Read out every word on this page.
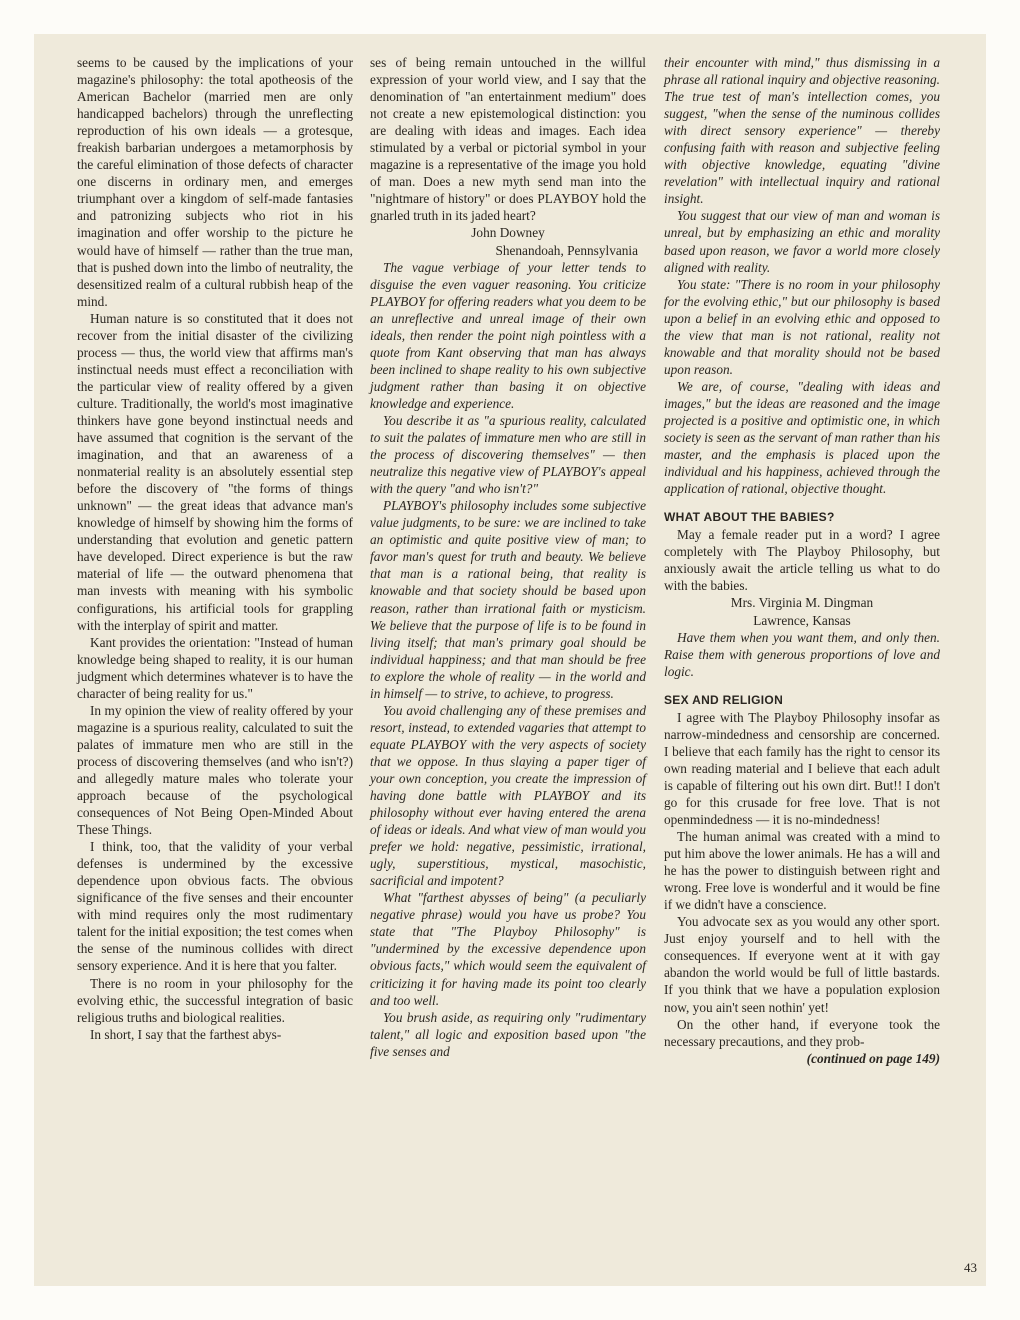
seems to be caused by the implications of your magazine's philosophy: the total apotheosis of the American Bachelor (married men are only handicapped bachelors) through the unreflecting reproduction of his own ideals — a grotesque, freakish barbarian undergoes a metamorphosis by the careful elimination of those defects of character one discerns in ordinary men, and emerges triumphant over a kingdom of self-made fantasies and patronizing subjects who riot in his imagination and offer worship to the picture he would have of himself — rather than the true man, that is pushed down into the limbo of neutrality, the desensitized realm of a cultural rubbish heap of the mind.

Human nature is so constituted that it does not recover from the initial disaster of the civilizing process — thus, the world view that affirms man's instinctual needs must effect a reconciliation with the particular view of reality offered by a given culture. Traditionally, the world's most imaginative thinkers have gone beyond instinctual needs and have assumed that cognition is the servant of the imagination, and that an awareness of a nonmaterial reality is an absolutely essential step before the discovery of "the forms of things unknown" — the great ideas that advance man's knowledge of himself by showing him the forms of understanding that evolution and genetic pattern have developed. Direct experience is but the raw material of life — the outward phenomena that man invests with meaning with his symbolic configurations, his artificial tools for grappling with the interplay of spirit and matter.

Kant provides the orientation: "Instead of human knowledge being shaped to reality, it is our human judgment which determines whatever is to have the character of being reality for us."

In my opinion the view of reality offered by your magazine is a spurious reality, calculated to suit the palates of immature men who are still in the process of discovering themselves (and who isn't?) and allegedly mature males who tolerate your approach because of the psychological consequences of Not Being Open-Minded About These Things.

I think, too, that the validity of your verbal defenses is undermined by the excessive dependence upon obvious facts. The obvious significance of the five senses and their encounter with mind requires only the most rudimentary talent for the initial exposition; the test comes when the sense of the numinous collides with direct sensory experience. And it is here that you falter.

There is no room in your philosophy for the evolving ethic, the successful integration of basic religious truths and biological realities.

In short, I say that the farthest abys-

ses of being remain untouched in the willful expression of your world view, and I say that the denomination of "an entertainment medium" does not create a new epistemological distinction: you are dealing with ideas and images. Each idea stimulated by a verbal or pictorial symbol in your magazine is a representative of the image you hold of man. Does a new myth send man into the "nightmare of history" or does PLAYBOY hold the gnarled truth in its jaded heart?

John Downey

Shenandoah, Pennsylvania

The vague verbiage of your letter tends to disguise the even vaguer reasoning. You criticize PLAYBOY for offering readers what you deem to be an unreflective and unreal image of their own ideals, then render the point nigh pointless with a quote from Kant observing that man has always been inclined to shape reality to his own subjective judgment rather than basing it on objective knowledge and experience.

You describe it as "a spurious reality, calculated to suit the palates of immature men who are still in the process of discovering themselves" — then neutralize this negative view of PLAYBOY's appeal with the query "and who isn't?"

PLAYBOY's philosophy includes some subjective value judgments, to be sure: we are inclined to take an optimistic and quite positive view of man; to favor man's quest for truth and beauty. We believe that man is a rational being, that reality is knowable and that society should be based upon reason, rather than irrational faith or mysticism. We believe that the purpose of life is to be found in living itself; that man's primary goal should be individual happiness; and that man should be free to explore the whole of reality — in the world and in himself — to strive, to achieve, to progress.

You avoid challenging any of these premises and resort, instead, to extended vagaries that attempt to equate PLAYBOY with the very aspects of society that we oppose. In thus slaying a paper tiger of your own conception, you create the impression of having done battle with PLAYBOY and its philosophy without ever having entered the arena of ideas or ideals. And what view of man would you prefer we hold: negative, pessimistic, irrational, ugly, superstitious, mystical, masochistic, sacrificial and impotent?

What "farthest abysses of being" (a peculiarly negative phrase) would you have us probe? You state that "The Playboy Philosophy" is "undermined by the excessive dependence upon obvious facts," which would seem the equivalent of criticizing it for having made its point too clearly and too well.

You brush aside, as requiring only "rudimentary talent," all logic and exposition based upon "the five senses and

their encounter with mind," thus dismissing in a phrase all rational inquiry and objective reasoning. The true test of man's intellection comes, you suggest, "when the sense of the numinous collides with direct sensory experience" — thereby confusing faith with reason and subjective feeling with objective knowledge, equating "divine revelation" with intellectual inquiry and rational insight.

You suggest that our view of man and woman is unreal, but by emphasizing an ethic and morality based upon reason, we favor a world more closely aligned with reality.

You state: "There is no room in your philosophy for the evolving ethic," but our philosophy is based upon a belief in an evolving ethic and opposed to the view that man is not rational, reality not knowable and that morality should not be based upon reason.

We are, of course, "dealing with ideas and images," but the ideas are reasoned and the image projected is a positive and optimistic one, in which society is seen as the servant of man rather than his master, and the emphasis is placed upon the individual and his happiness, achieved through the application of rational, objective thought.

WHAT ABOUT THE BABIES?

May a female reader put in a word? I agree completely with The Playboy Philosophy, but anxiously await the article telling us what to do with the babies.

Mrs. Virginia M. Dingman

Lawrence, Kansas

Have them when you want them, and only then. Raise them with generous proportions of love and logic.

SEX AND RELIGION

I agree with The Playboy Philosophy insofar as narrow-mindedness and censorship are concerned. I believe that each family has the right to censor its own reading material and I believe that each adult is capable of filtering out his own dirt. But!! I don't go for this crusade for free love. That is not openmindedness — it is no-mindedness!

The human animal was created with a mind to put him above the lower animals. He has a will and he has the power to distinguish between right and wrong. Free love is wonderful and it would be fine if we didn't have a conscience.

You advocate sex as you would any other sport. Just enjoy yourself and to hell with the consequences. If everyone went at it with gay abandon the world would be full of little bastards. If you think that we have a population explosion now, you ain't seen nothin' yet!

On the other hand, if everyone took the necessary precautions, and they prob-

(continued on page 149)

43
